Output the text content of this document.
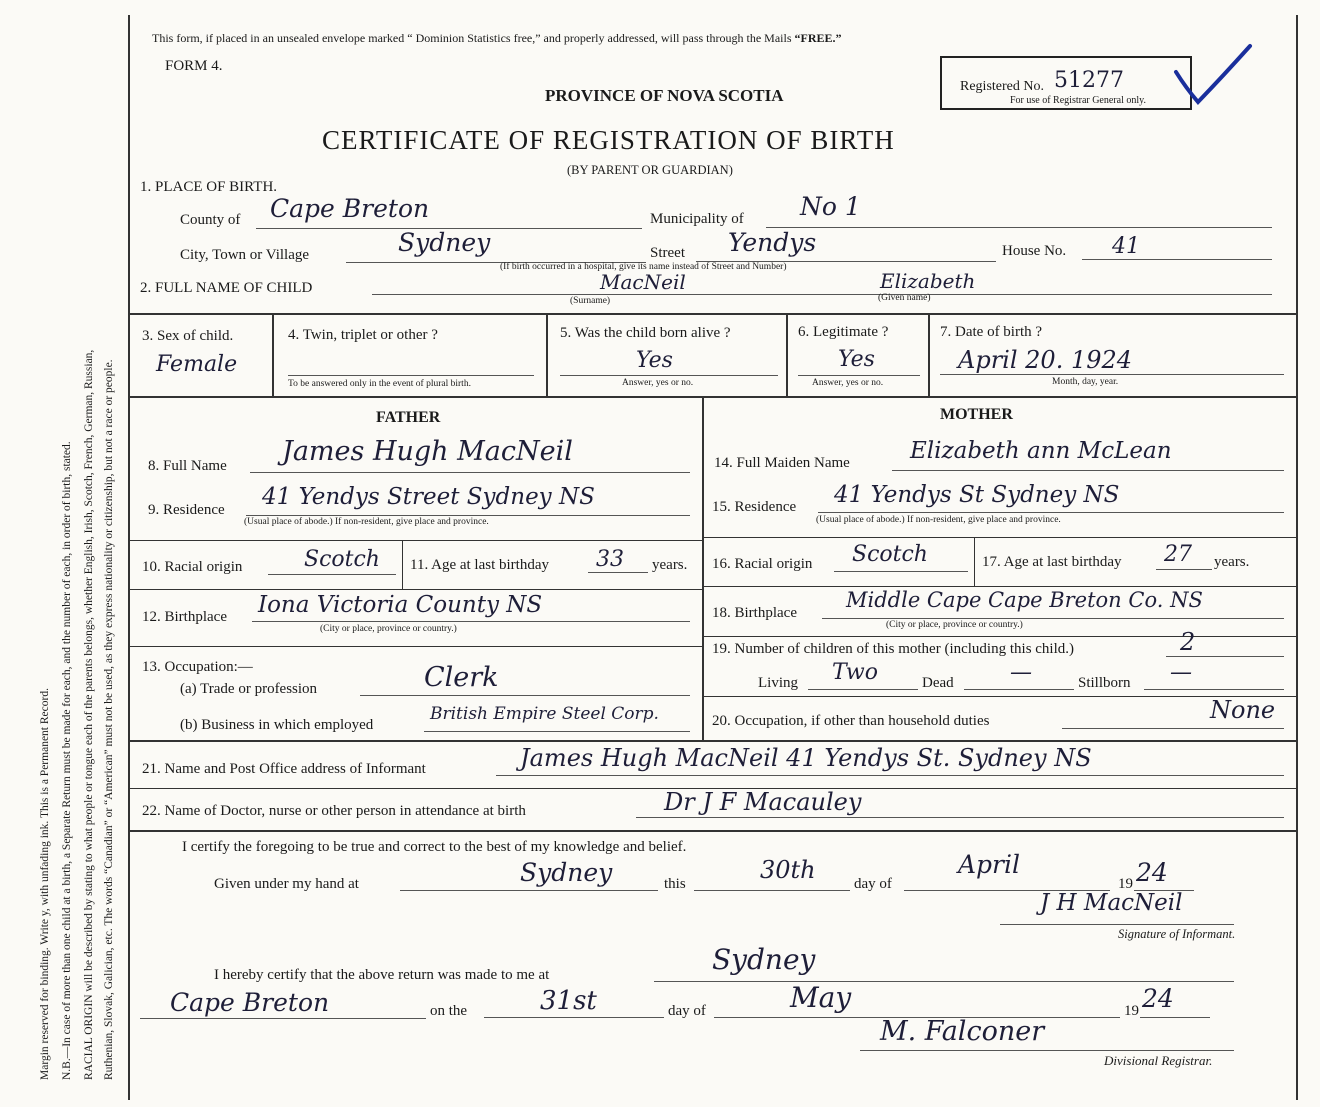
Margin reserved for binding. Write y, with unfading ink. This is a Permanent Record. N.B.—In case of more than one child at a birth, a Separate Return must be made for each, and the number of each, in order of birth, stated. RACIAL ORIGIN will be described by stating to what people or tongue each of the parents belongs, whether English, Irish, Scotch, French, German, Russian, Ruthenian, Slovak, Galician, etc. The words “Canadian” or “American” must not be used, as they express nationality or citizenship, but not a race or people.
This form, if placed in an unsealed envelope marked “ Dominion Statistics free,” and properly addressed, will pass through the Mails “FREE.”
FORM 4.
Registered No. 51277
For use of Registrar General only.
PROVINCE OF NOVA SCOTIA
CERTIFICATE OF REGISTRATION OF BIRTH
(BY PARENT OR GUARDIAN)
1. PLACE OF BIRTH.
County of Cape Breton	Municipality of No 1
City, Town or Village	Sydney	Street Yendys	House No. 41
(If birth occurred in a hospital, give its name instead of Street and Number)
2. FULL NAME OF CHILD	MacNeil	Elizabeth
(Surname)	(Given name)
3. Sex of child.
Female
4. Twin, triplet or other ?
To be answered only in the event of plural birth.
5. Was the child born alive ?
Yes
Answer, yes or no.
6. Legitimate ?
Yes
Answer, yes or no.
7. Date of birth ?
April 20. 1924
Month, day, year.
FATHER
8. Full Name James Hugh MacNeil
9. Residence 41 Yendys Street Sydney NS
(Usual place of abode.) If non-resident, give place and province.
10. Racial origin	Scotch 11. Age at last birthday 33 years.
12. Birthplace Iona Victoria County NS
(City or place, province or country.)
13. Occupation:—
(a) Trade or profession	Clerk
(b) Business in which employed
British Empire Steel Corp.
MOTHER
14. Full Maiden Name	Elizabeth ann McLean
15. Residence 41 Yendys St Sydney NS
(Usual place of abode.) If non-resident, give place and province.
16. Racial origin Scotch	17. Age at last birthday 27 years.
18. Birthplace
Middle Cape Cape Breton Co. NS
(City or place, province or country.)
19. Number of children of this mother (including this child.)	2
Living Two	Dead	—	Stillborn —
20. Occupation, if other than household duties	None
21. Name and Post Office address of Informant	James Hugh MacNeil 41 Yendys St. Sydney NS
22. Name of Doctor, nurse or other person in attendance at birth	Dr J F Macauley
I certify the foregoing to be true and correct to the best of my knowledge and belief.
Given under my hand at	Sydney	this	30th	day of
April
19 24
J H MacNeil
Signature of Informant.
I hereby certify that the above return was made to me at	Sydney
Cape Breton	on the	31st	day of	May	19 24
M. Falconer
Divisional Registrar.
